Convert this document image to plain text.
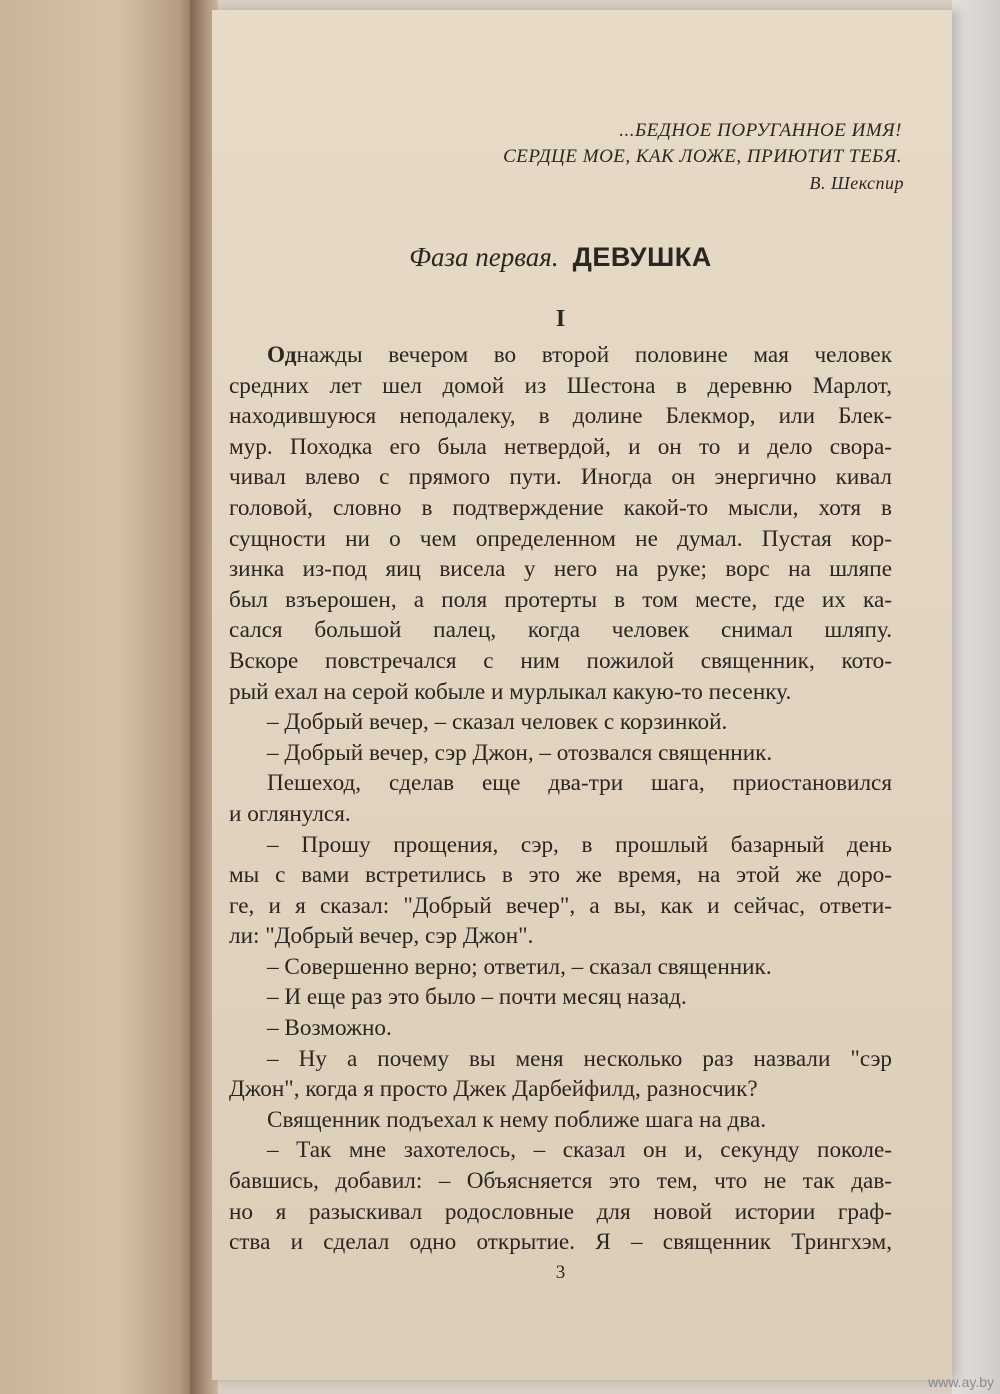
...БЕДНОЕ ПОРУГАННОЕ ИМЯ!
СЕРДЦЕ МОЕ, КАК ЛОЖЕ, ПРИЮТИТ ТЕБЯ.
В. Шекспир
Фаза первая. ДЕВУШКА
I
Однажды вечером во второй половине мая человек
средних лет шел домой из Шестона в деревню Марлот,
находившуюся неподалеку, в долине Блекмор, или Блек-
мур. Походка его была нетвердой, и он то и дело свора-
чивал влево с прямого пути. Иногда он энергично кивал
головой, словно в подтверждение какой-то мысли, хотя в
сущности ни о чем определенном не думал. Пустая кор-
зинка из-под яиц висела у него на руке; ворс на шляпе
был взъерошен, а поля протерты в том месте, где их ка-
сался большой палец, когда человек снимал шляпу.
Вскоре повстречался с ним пожилой священник, кото-
рый ехал на серой кобыле и мурлыкал какую-то песенку.
– Добрый вечер, – сказал человек с корзинкой.
– Добрый вечер, сэр Джон, – отозвался священник.
Пешеход, сделав еще два-три шага, приостановился
и оглянулся.
– Прошу прощения, сэр, в прошлый базарный день
мы с вами встретились в это же время, на этой же доро-
ге, и я сказал: "Добрый вечер", а вы, как и сейчас, ответи-
ли: "Добрый вечер, сэр Джон".
– Совершенно верно; ответил, – сказал священник.
– И еще раз это было – почти месяц назад.
– Возможно.
– Ну а почему вы меня несколько раз назвали "сэр
Джон", когда я просто Джек Дарбейфилд, разносчик?
Священник подъехал к нему поближе шага на два.
– Так мне захотелось, – сказал он и, секунду поколе-
бавшись, добавил: – Объясняется это тем, что не так дав-
но я разыскивал родословные для новой истории граф-
ства и сделал одно открытие. Я – священник Трингхэм,
3
www.ay.by
